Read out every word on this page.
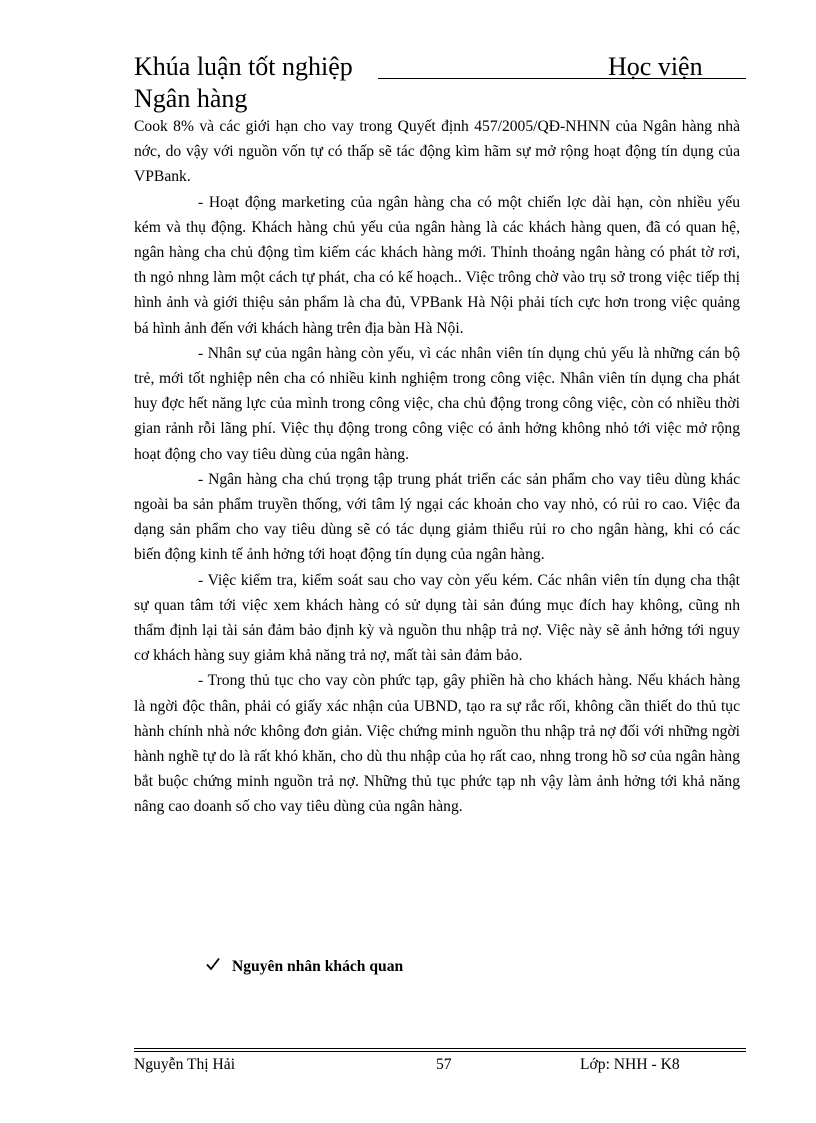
Khúa luận tốt nghiệp	Học viện
Ngân hàng

Cook 8% và các giới hạn cho vay trong Quyết định 457/2005/QĐ-NHNN của Ngân hàng nhà nớc, do vậy với nguồn vốn tự có thấp sẽ tác động kìm hãm sự mở rộng hoạt động tín dụng của VPBank.

- Hoạt động marketing của ngân hàng cha có một chiến lợc dài hạn, còn nhiều yếu kém và thụ động. Khách hàng chủ yếu của ngân hàng là các khách hàng quen, đã có quan hệ, ngân hàng cha chủ động tìm kiếm các khách hàng mới. Thỉnh thoảng ngân hàng có phát tờ rơi, th ngỏ nhng làm một cách tự phát, cha có kế hoạch.. Việc trông chờ vào trụ sở trong việc tiếp thị hình ảnh và giới thiệu sản phẩm là cha đủ, VPBank Hà Nội phải tích cực hơn trong việc quảng bá hình ảnh đến với khách hàng trên địa bàn Hà Nội.

- Nhân sự của ngân hàng còn yếu, vì các nhân viên tín dụng chủ yếu là những cán bộ trẻ, mới tốt nghiệp nên cha có nhiều kinh nghiệm trong công việc. Nhân viên tín dụng cha phát huy đợc hết năng lực của mình trong công việc, cha chủ động trong công việc, còn có nhiều thời gian rảnh rỗi lãng phí. Việc thụ động trong công việc có ảnh hởng không nhỏ tới việc mở rộng hoạt động cho vay tiêu dùng của ngân hàng.

- Ngân hàng cha chú trọng tập trung phát triển các sản phẩm cho vay tiêu dùng khác ngoài ba sản phẩm truyền thống, với tâm lý ngại các khoản cho vay nhỏ, có rủi ro cao. Việc đa dạng sản phẩm cho vay tiêu dùng sẽ có tác dụng giảm thiểu rủi ro cho ngân hàng, khi có các biến động kinh tế ảnh hởng tới hoạt động tín dụng của ngân hàng.

- Việc kiểm tra, kiểm soát sau cho vay còn yếu kém. Các nhân viên tín dụng cha thật sự quan tâm tới việc xem khách hàng có sử dụng tài sản đúng mục đích hay không, cũng nh thẩm định lại tài sản đảm bảo định kỳ và nguồn thu nhập trả nợ. Việc này sẽ ảnh hởng tới nguy cơ khách hàng suy giảm khả năng trả nợ, mất tài sản đảm bảo.

- Trong thủ tục cho vay còn phức tạp, gây phiền hà cho khách hàng. Nếu khách hàng là ngời độc thân, phải có giấy xác nhận của UBND, tạo ra sự rắc rối, không cần thiết do thủ tục hành chính nhà nớc không đơn giản. Việc chứng minh nguồn thu nhập trả nợ đối với những ngời hành nghề tự do là rất khó khăn, cho dù thu nhập của họ rất cao, nhng trong hồ sơ của ngân hàng bắt buộc chứng minh nguồn trả nợ. Những thủ tục phức tạp nh vậy làm ảnh hởng tới khả năng nâng cao doanh số cho vay tiêu dùng của ngân hàng.

Nguyên nhân khách quan
Nguyễn Thị Hải	57	Lớp: NHH - K8
